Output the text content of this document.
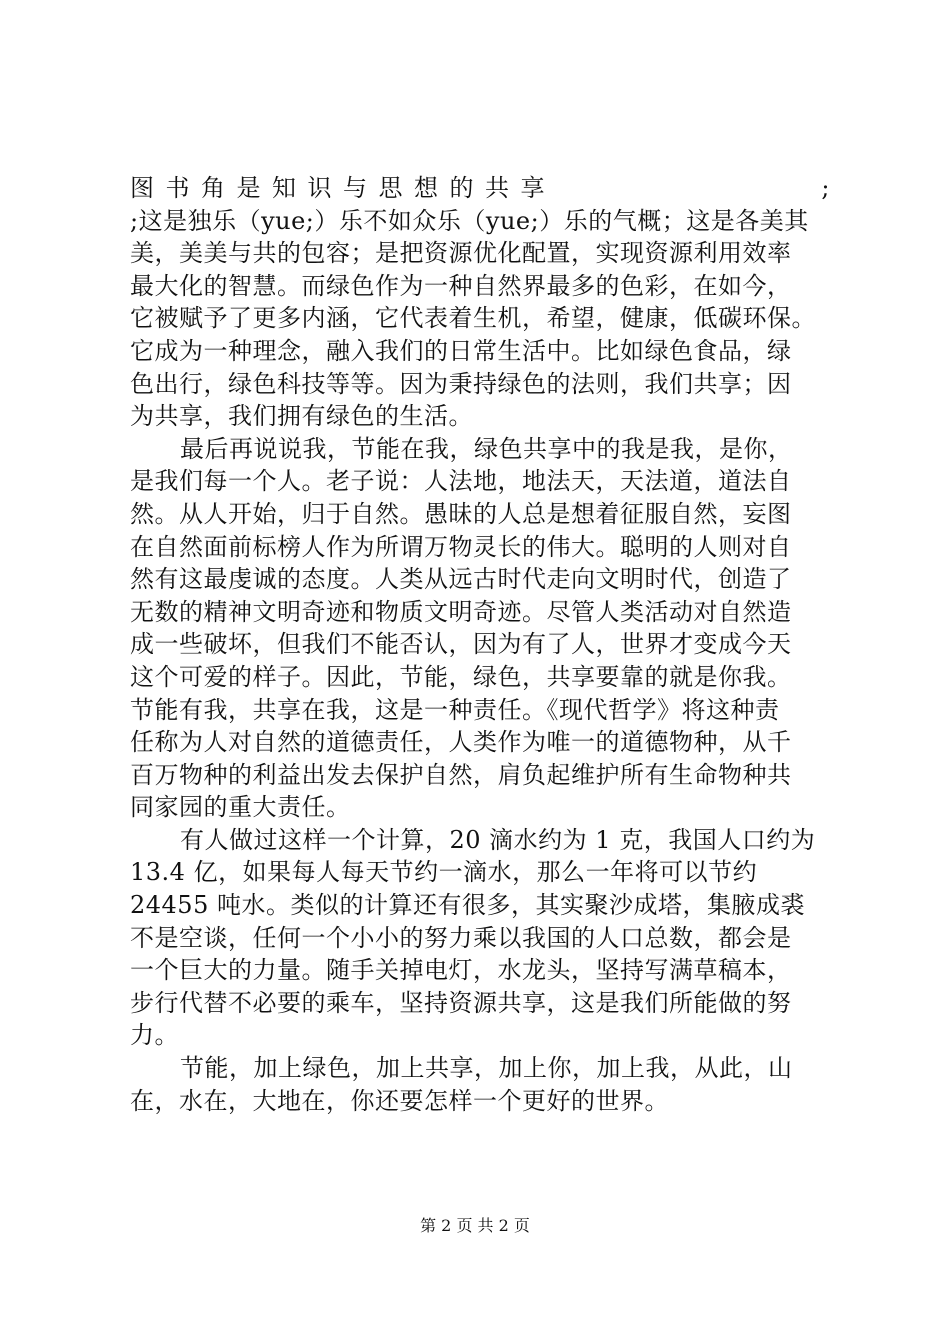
图书角是知识与思想的共享	;
;这是独乐（yue;）乐不如众乐（yue;）乐的气概；这是各美其
美，美美与共的包容；是把资源优化配置，实现资源利用效率
最大化的智慧。而绿色作为一种自然界最多的色彩，在如今，
它被赋予了更多内涵，它代表着生机，希望，健康，低碳环保。
它成为一种理念，融入我们的日常生活中。比如绿色食品，绿
色出行，绿色科技等等。因为秉持绿色的法则，我们共享；因
为共享，我们拥有绿色的生活。
最后再说说我，节能在我，绿色共享中的我是我，是你，
是我们每一个人。老子说：人法地，地法天，天法道，道法自
然。从人开始，归于自然。愚昧的人总是想着征服自然，妄图
在自然面前标榜人作为所谓万物灵长的伟大。聪明的人则对自
然有这最虔诚的态度。人类从远古时代走向文明时代，创造了
无数的精神文明奇迹和物质文明奇迹。尽管人类活动对自然造
成一些破坏，但我们不能否认，因为有了人，世界才变成今天
这个可爱的样子。因此，节能，绿色，共享要靠的就是你我。
节能有我，共享在我，这是一种责任。《现代哲学》将这种责
任称为人对自然的道德责任，人类作为唯一的道德物种，从千
百万物种的利益出发去保护自然，肩负起维护所有生命物种共
同家园的重大责任。
有人做过这样一个计算，20 滴水约为 1 克，我国人口约为
13.4 亿，如果每人每天节约一滴水，那么一年将可以节约
24455 吨水。类似的计算还有很多，其实聚沙成塔，集腋成裘
不是空谈，任何一个小小的努力乘以我国的人口总数，都会是
一个巨大的力量。随手关掉电灯，水龙头，坚持写满草稿本，
步行代替不必要的乘车，坚持资源共享，这是我们所能做的努
力。
节能，加上绿色，加上共享，加上你，加上我，从此，山
在，水在，大地在，你还要怎样一个更好的世界。
第 2 页 共 2 页
